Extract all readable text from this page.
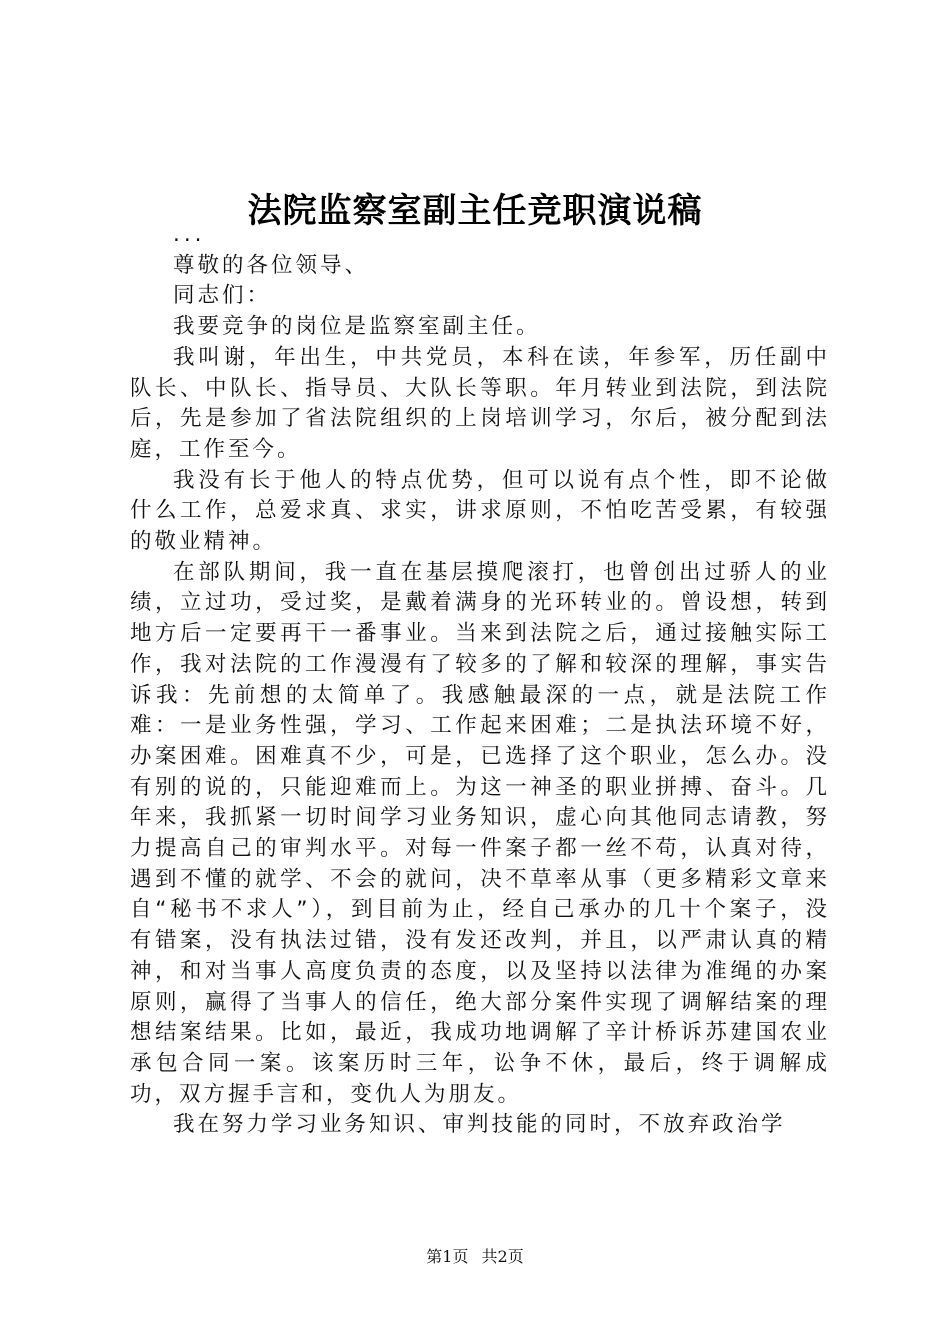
法院监察室副主任竞职演说稿

...

尊敬的各位领导、

同志们：

我要竞争的岗位是监察室副主任。

我叫谢，年出生，中共党员，本科在读，年参军，历任副中队长、中队长、指导员、大队长等职。年月转业到法院，到法院后，先是参加了省法院组织的上岗培训学习，尔后，被分配到法庭，工作至今。

我没有长于他人的特点优势，但可以说有点个性，即不论做什么工作，总爱求真、求实，讲求原则，不怕吃苦受累，有较强的敬业精神。

在部队期间，我一直在基层摸爬滚打，也曾创出过骄人的业绩，立过功，受过奖，是戴着满身的光环转业的。曾设想，转到地方后一定要再干一番事业。当来到法院之后，通过接触实际工作，我对法院的工作漫漫有了较多的了解和较深的理解，事实告诉我：先前想的太简单了。我感触最深的一点，就是法院工作难：一是业务性强，学习、工作起来困难；二是执法环境不好，办案困难。困难真不少，可是，已选择了这个职业，怎么办。没有别的说的，只能迎难而上。为这一神圣的职业拼搏、奋斗。几年来，我抓紧一切时间学习业务知识，虚心向其他同志请教，努力提高自己的审判水平。对每一件案子都一丝不苟，认真对待，遇到不懂的就学、不会的就问，决不草率从事（更多精彩文章来自“秘书不求人”），到目前为止，经自己承办的几十个案子，没有错案，没有执法过错，没有发还改判，并且，以严肃认真的精神，和对当事人高度负责的态度，以及坚持以法律为准绳的办案原则，赢得了当事人的信任，绝大部分案件实现了调解结案的理想结案结果。比如，最近，我成功地调解了辛计桥诉苏建国农业承包合同一案。该案历时三年，讼争不休，最后，终于调解成功，双方握手言和，变仇人为朋友。

我在努力学习业务知识、审判技能的同时，不放弃政治学

第1页 共2页
